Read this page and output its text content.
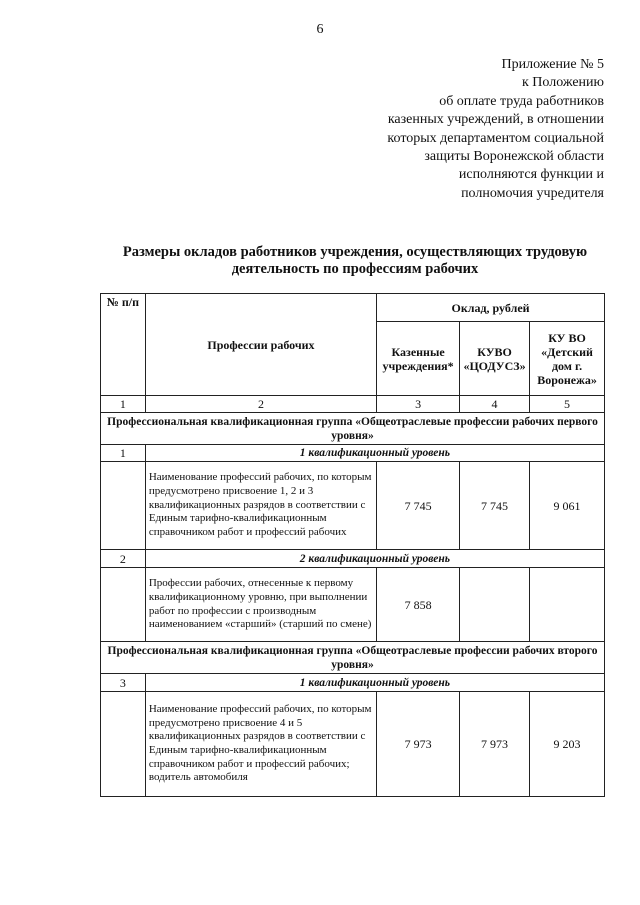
6
Приложение № 5
к Положению
об оплате труда работников
казенных учреждений, в отношении
которых департаментом социальной
защиты Воронежской области
исполняются функции и
полномочия учредителя
Размеры окладов работников учреждения, осуществляющих трудовую
деятельность по профессиям рабочих
№ п/п	Профессии рабочих	Оклад, рублей		
		Казенные учреждения*	КУВО «ЦОДУСЗ»	КУ ВО «Детский дом г. Воронежа»
1	2	3	4	5
Профессиональная квалификационная группа «Общеотраслевые профессии рабочих первого уровня»				
1	1 квалификационный уровень			
	Наименование профессий рабочих, по которым предусмотрено присвоение 1, 2 и 3 квалификационных разрядов в соответствии с Единым тарифно-квалификационным справочником работ и профессий рабочих	7 745	7 745	9 061
2	2 квалификационный уровень			
	Профессии рабочих, отнесенные к первому квалификационному уровню, при выполнении работ по профессии с производным наименованием «старший» (старший по смене)	7 858		
Профессиональная квалификационная группа «Общеотраслевые профессии рабочих второго уровня»				
3	1 квалификационный уровень			
	Наименование профессий рабочих, по которым предусмотрено присвоение 4 и 5 квалификационных разрядов в соответствии с Единым тарифно-квалификационным справочником работ и профессий рабочих; водитель автомобиля	7 973	7 973	9 203
